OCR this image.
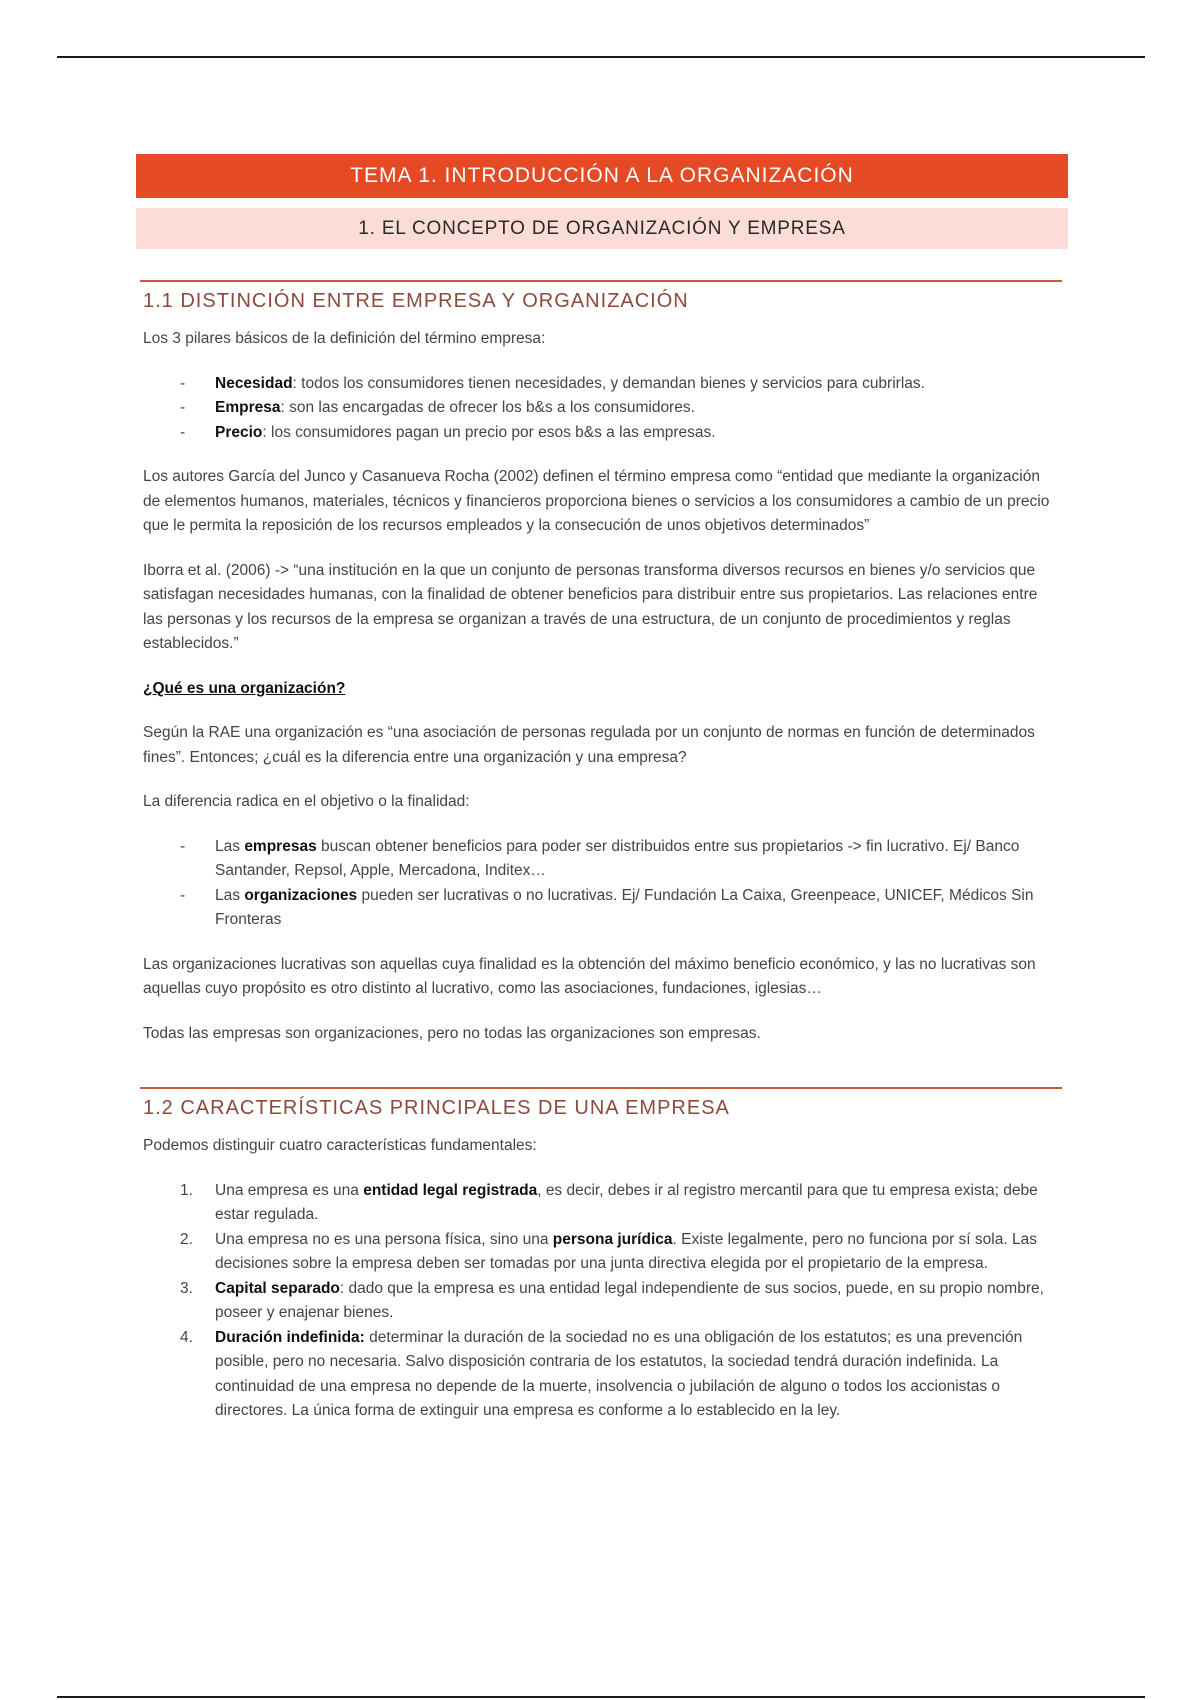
TEMA 1. INTRODUCCIÓN A LA ORGANIZACIÓN
1. EL CONCEPTO DE ORGANIZACIÓN Y EMPRESA
1.1 DISTINCIÓN ENTRE EMPRESA Y ORGANIZACIÓN

Los 3 pilares básicos de la definición del término empresa:

- Necesidad: todos los consumidores tienen necesidades, y demandan bienes y servicios para cubrirlas.
- Empresa: son las encargadas de ofrecer los b&s a los consumidores.
- Precio: los consumidores pagan un precio por esos b&s a las empresas.

Los autores García del Junco y Casanueva Rocha (2002) definen el término empresa como “entidad que mediante la organización de elementos humanos, materiales, técnicos y financieros proporciona bienes o servicios a los consumidores a cambio de un precio que le permita la reposición de los recursos empleados y la consecución de unos objetivos determinados”

Iborra et al. (2006) -> “una institución en la que un conjunto de personas transforma diversos recursos en bienes y/o servicios que satisfagan necesidades humanas, con la finalidad de obtener beneficios para distribuir entre sus propietarios. Las relaciones entre las personas y los recursos de la empresa se organizan a través de una estructura, de un conjunto de procedimientos y reglas establecidos.”

¿Qué es una organización?

Según la RAE una organización es “una asociación de personas regulada por un conjunto de normas en función de determinados fines”. Entonces; ¿cuál es la diferencia entre una organización y una empresa?

La diferencia radica en el objetivo o la finalidad:

- Las empresas buscan obtener beneficios para poder ser distribuidos entre sus propietarios -> fin lucrativo. Ej/ Banco Santander, Repsol, Apple, Mercadona, Inditex…
- Las organizaciones pueden ser lucrativas o no lucrativas. Ej/ Fundación La Caixa, Greenpeace, UNICEF, Médicos Sin Fronteras

Las organizaciones lucrativas son aquellas cuya finalidad es la obtención del máximo beneficio económico, y las no lucrativas son aquellas cuyo propósito es otro distinto al lucrativo, como las asociaciones, fundaciones, iglesias…

Todas las empresas son organizaciones, pero no todas las organizaciones son empresas.

1.2 CARACTERÍSTICAS PRINCIPALES DE UNA EMPRESA

Podemos distinguir cuatro características fundamentales:

1. Una empresa es una entidad legal registrada, es decir, debes ir al registro mercantil para que tu empresa exista; debe estar regulada.
2. Una empresa no es una persona física, sino una persona jurídica. Existe legalmente, pero no funciona por sí sola. Las decisiones sobre la empresa deben ser tomadas por una junta directiva elegida por el propietario de la empresa.
3. Capital separado: dado que la empresa es una entidad legal independiente de sus socios, puede, en su propio nombre, poseer y enajenar bienes.
4. Duración indefinida: determinar la duración de la sociedad no es una obligación de los estatutos; es una prevención posible, pero no necesaria. Salvo disposición contraria de los estatutos, la sociedad tendrá duración indefinida. La continuidad de una empresa no depende de la muerte, insolvencia o jubilación de alguno o todos los accionistas o directores. La única forma de extinguir una empresa es conforme a lo establecido en la ley.
